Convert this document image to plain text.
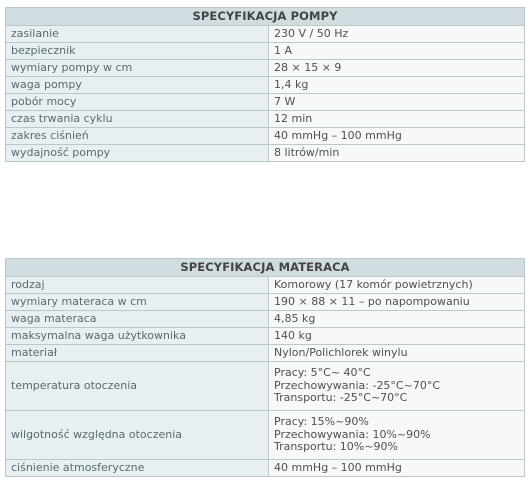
SPECYFIKACJA POMPY	
zasilanie	230 V / 50 Hz
bezpiecznik	1 A
wymiary pompy w cm	28 × 15 × 9
waga pompy	1,4 kg
pobór mocy	7 W
czas trwania cyklu	12 min
zakres ciśnień	40 mmHg – 100 mmHg
wydajność pompy	8 litrów/min
SPECYFIKACJA MATERACA	
rodzaj	Komorowy (17 komór powietrznych)
wymiary materaca w cm	190 × 88 × 11 – po napompowaniu
waga materaca	4,85 kg
maksymalna waga użytkownika	140 kg
materiał	Nylon/Polichlorek winylu
temperatura otoczenia	Pracy: 5°C~ 40°C
Przechowywania: -25°C~70°C
Transportu: -25°C~70°C

wilgotność względna otoczenia	Pracy: 15%~90%
Przechowywania: 10%~90%
Transportu: 10%~90%

ciśnienie atmosferyczne	40 mmHg – 100 mmHg
